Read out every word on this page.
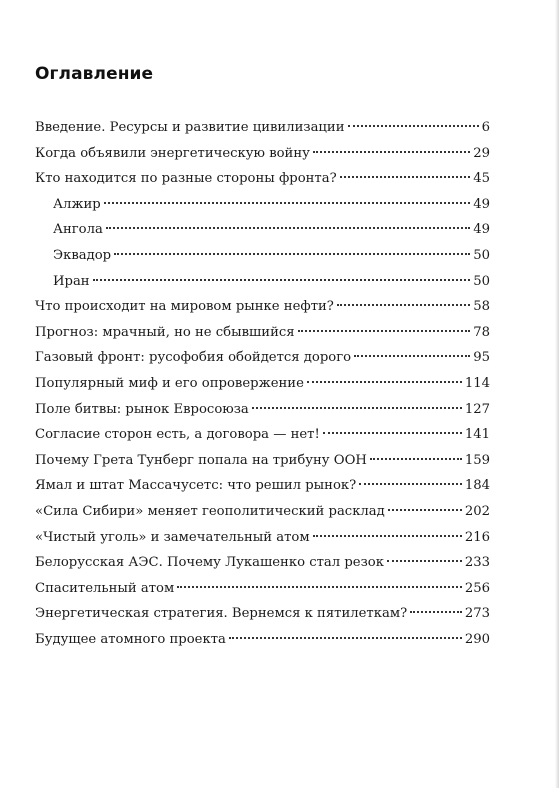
Оглавление
Введение. Ресурсы и развитие цивилизации	6
Когда объявили энергетическую войну	29
Кто находится по разные стороны фронта?	45
Алжир	49
Ангола	49
Эквадор	50
Иран	50
Что происходит на мировом рынке нефти?	58
Прогноз: мрачный, но не сбывшийся	78
Газовый фронт: русофобия обойдется дорого	95
Популярный миф и его опровержение	114
Поле битвы: рынок Евросоюза	127
Согласие сторон есть, а договора — нет!	141
Почему Грета Тунберг попала на трибуну ООН	159
Ямал и штат Массачусетс: что решил рынок?	184
«Сила Сибири» меняет геополитический расклад	202
«Чистый уголь» и замечательный атом	216
Белорусская АЭС. Почему Лукашенко стал резок	233
Спасительный атом	256
Энергетическая стратегия. Вернемся к пятилеткам?	273
Будущее атомного проекта	290
